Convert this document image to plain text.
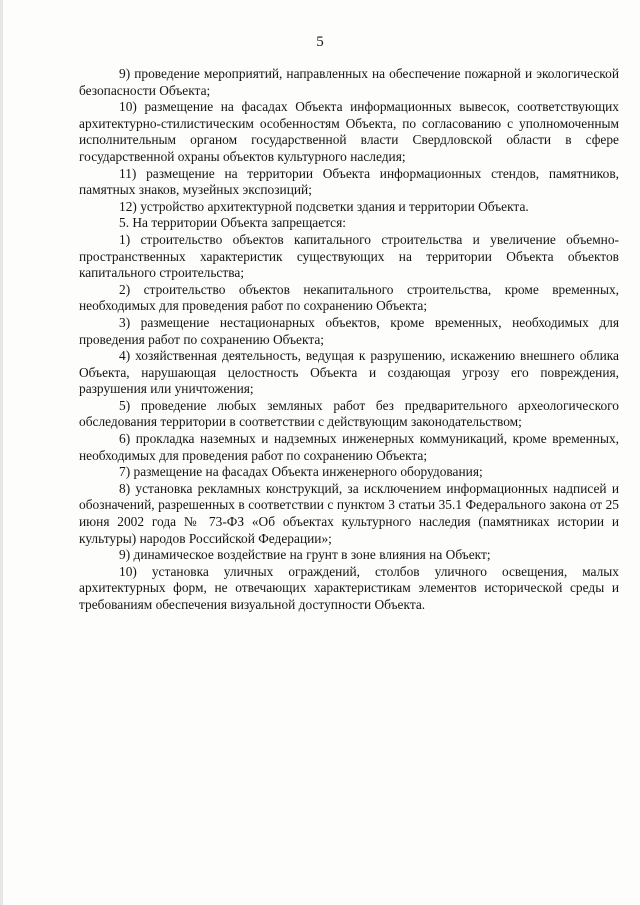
5

9) проведение мероприятий, направленных на обеспечение пожарной и экологической безопасности Объекта;

10) размещение на фасадах Объекта информационных вывесок, соответствующих архитектурно-стилистическим особенностям Объекта, по согласованию с уполномоченным исполнительным органом государственной власти Свердловской области в сфере государственной охраны объектов культурного наследия;

11) размещение на территории Объекта информационных стендов, памятников, памятных знаков, музейных экспозиций;

12) устройство архитектурной подсветки здания и территории Объекта.

5. На территории Объекта запрещается:

1) строительство объектов капитального строительства и увеличение объемно-пространственных характеристик существующих на территории Объекта объектов капитального строительства;

2) строительство объектов некапитального строительства, кроме временных, необходимых для проведения работ по сохранению Объекта;

3) размещение нестационарных объектов, кроме временных, необходимых для проведения работ по сохранению Объекта;

4) хозяйственная деятельность, ведущая к разрушению, искажению внешнего облика Объекта, нарушающая целостность Объекта и создающая угрозу его повреждения, разрушения или уничтожения;

5) проведение любых земляных работ без предварительного археологического обследования территории в соответствии с действующим законодательством;

6) прокладка наземных и надземных инженерных коммуникаций, кроме временных, необходимых для проведения работ по сохранению Объекта;

7) размещение на фасадах Объекта инженерного оборудования;

8) установка рекламных конструкций, за исключением информационных надписей и обозначений, разрешенных в соответствии с пунктом 3 статьи 35.1 Федерального закона от 25 июня 2002 года № 73-ФЗ «Об объектах культурного наследия (памятниках истории и культуры) народов Российской Федерации»;

9) динамическое воздействие на грунт в зоне влияния на Объект;

10) установка уличных ограждений, столбов уличного освещения, малых архитектурных форм, не отвечающих характеристикам элементов исторической среды и требованиям обеспечения визуальной доступности Объекта.
